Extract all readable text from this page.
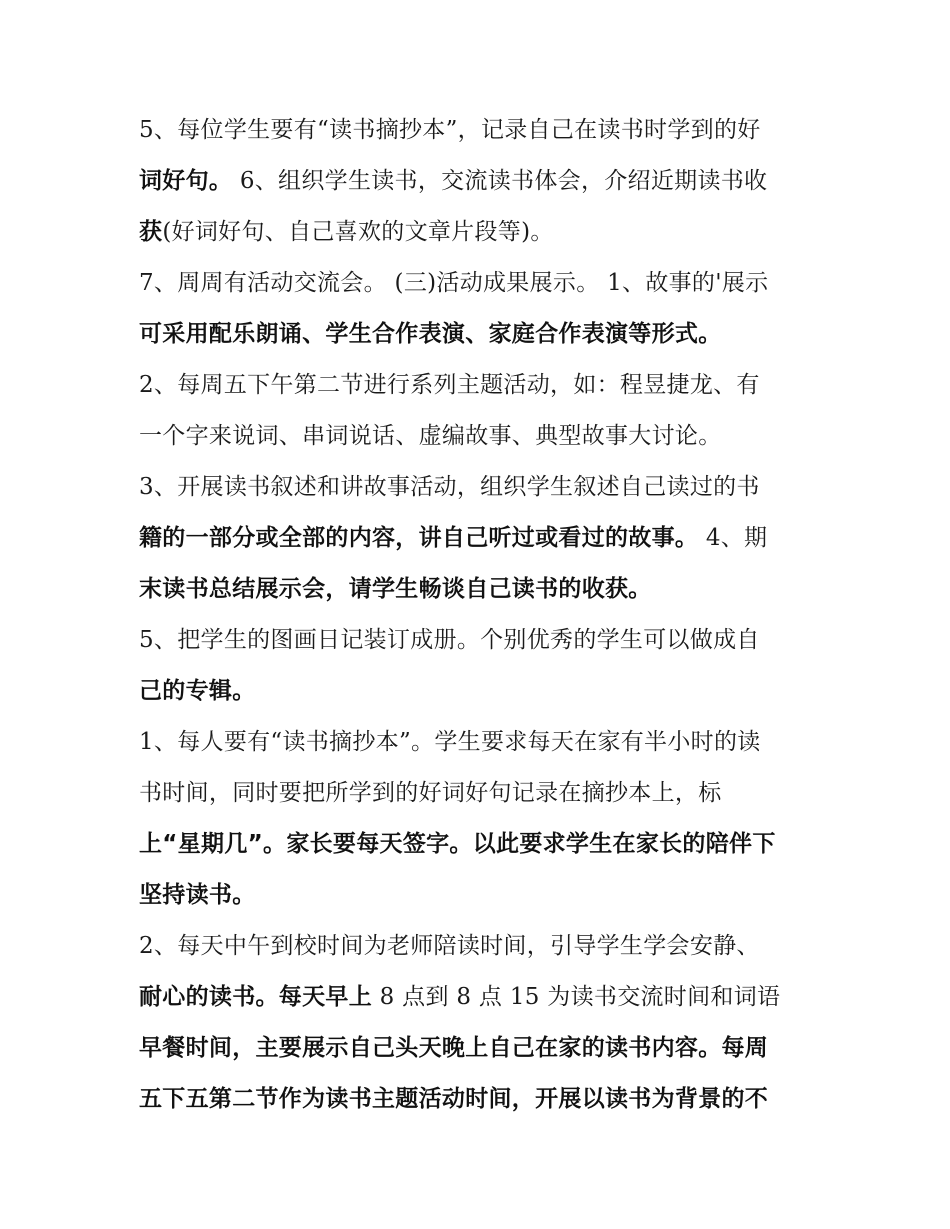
5、每位学生要有“读书摘抄本”，记录自己在读书时学到的好
词好句。 6、组织学生读书，交流读书体会，介绍近期读书收
获(好词好句、自己喜欢的文章片段等)。
7、周周有活动交流会。 (三)活动成果展示。 1、故事的'展示
可采用配乐朗诵、学生合作表演、家庭合作表演等形式。
2、每周五下午第二节进行系列主题活动，如：程昱捷龙、有
一个字来说词、串词说话、虚编故事、典型故事大讨论。
3、开展读书叙述和讲故事活动，组织学生叙述自己读过的书
籍的一部分或全部的内容，讲自己听过或看过的故事。 4、期
末读书总结展示会，请学生畅谈自己读书的收获。
5、把学生的图画日记装订成册。个别优秀的学生可以做成自
己的专辑。
1、每人要有“读书摘抄本”。学生要求每天在家有半小时的读
书时间，同时要把所学到的好词好句记录在摘抄本上，标
上“星期几”。家长要每天签字。以此要求学生在家长的陪伴下
坚持读书。
2、每天中午到校时间为老师陪读时间，引导学生学会安静、
耐心的读书。每天早上 8 点到 8 点 15 为读书交流时间和词语
早餐时间，主要展示自己头天晚上自己在家的读书内容。每周
五下五第二节作为读书主题活动时间，开展以读书为背景的不
